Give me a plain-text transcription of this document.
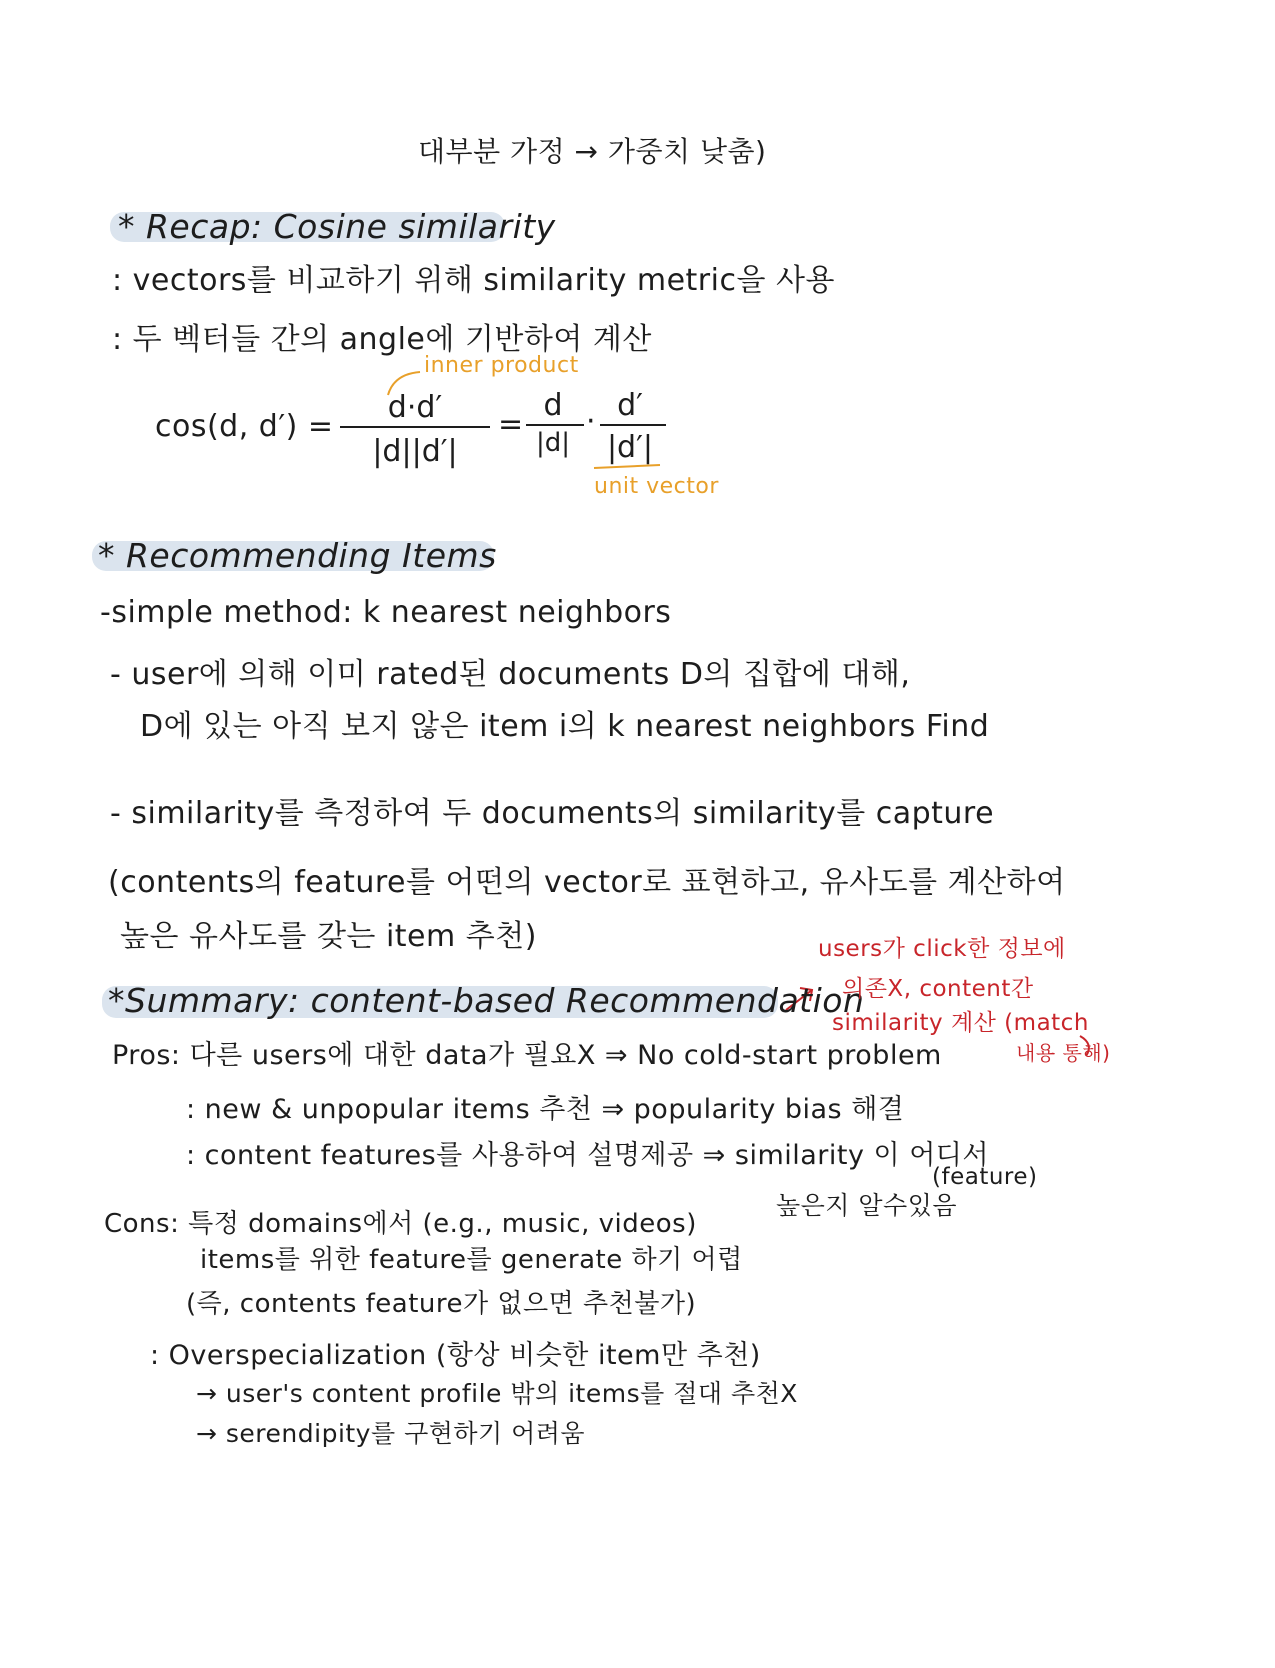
대부분 가정 → 가중치 낮춤)
* Recap: Cosine similarity
: vectors를 비교하기 위해 similarity metric을 사용
: 두 벡터들 간의 angle에 기반하여 계산
inner product
cos(d, d′) =
d·d′
|d||d′|
=
d
|d|
· d′
|d′|
unit vector
* Recommending Items
-simple method: k nearest neighbors
- user에 의해 이미 rated된 documents D의 집합에 대해,
D에 있는 아직 보지 않은 item i의 k nearest neighbors Find
- similarity를 측정하여 두 documents의 similarity를 capture
(contents의 feature를 어떤의 vector로 표현하고, 유사도를 계산하여
높은 유사도를 갖는 item 추천)	users가 click한 정보에
*Summary: content-based Recommendation
의존X, content간
similarity 계산 (match
내용 통해)
Pros: 다른 users에 대한 data가 필요X ⇒ No cold-start problem
: new & unpopular items 추천 ⇒ popularity bias 해결
: content features를 사용하여 설명제공 ⇒ similarity 이 어디서
(feature)
높은지 알수있음
Cons: 특정 domains에서 (e.g., music, videos)
items를 위한 feature를 generate 하기 어렵
(즉, contents feature가 없으면 추천불가)
: Overspecialization (항상 비슷한 item만 추천)
→ user's content profile 밖의 items를 절대 추천X
→ serendipity를 구현하기 어려움
